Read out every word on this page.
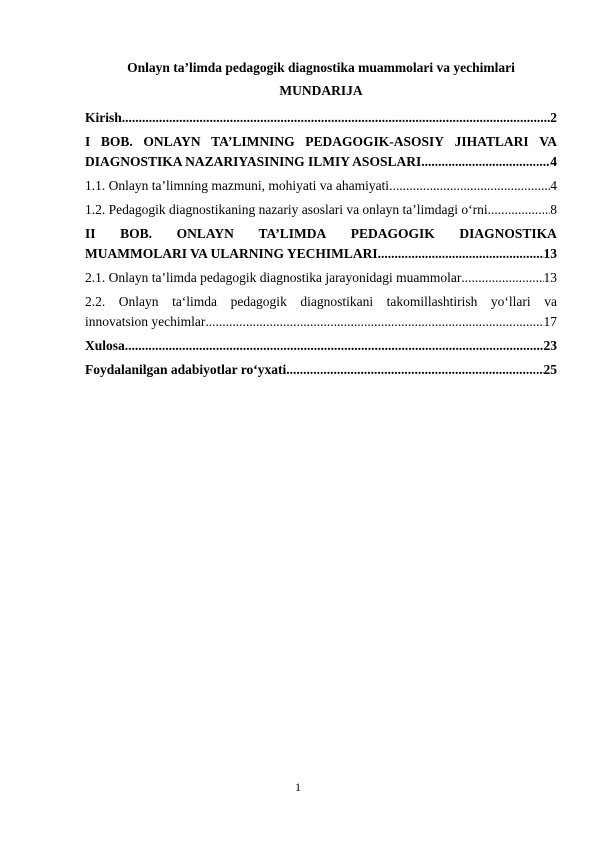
Onlayn ta’limda pedagogik diagnostika muammolari va yechimlari
MUNDARIJA
Kirish .....	2
I BOB. ONLAYN TA’LIMNING PEDAGOGIK-ASOSIY JIHATLARI VA
DIAGNOSTIKA NAZARIYASINING ILMIY ASOSLARI .....	4
1.1. Onlayn ta’limning mazmuni, mohiyati va ahamiyati .....	4
1.2. Pedagogik diagnostikaning nazariy asoslari va onlayn ta’limdagi o‘rni .....	8
II BOB. ONLAYN TA’LIMDA PEDAGOGIK DIAGNOSTIKA
MUAMMOLARI VA ULARNING YECHIMLARI .....	13
2.1. Onlayn ta’limda pedagogik diagnostika jarayonidagi muammolar .....	13
2.2. Onlayn ta‘limda pedagogik diagnostikani takomillashtirish yo‘llari va
innovatsion yechimlar .....	17
Xulosa .....	23
Foydalanilgan adabiyotlar ro‘yxati .....	25
1
